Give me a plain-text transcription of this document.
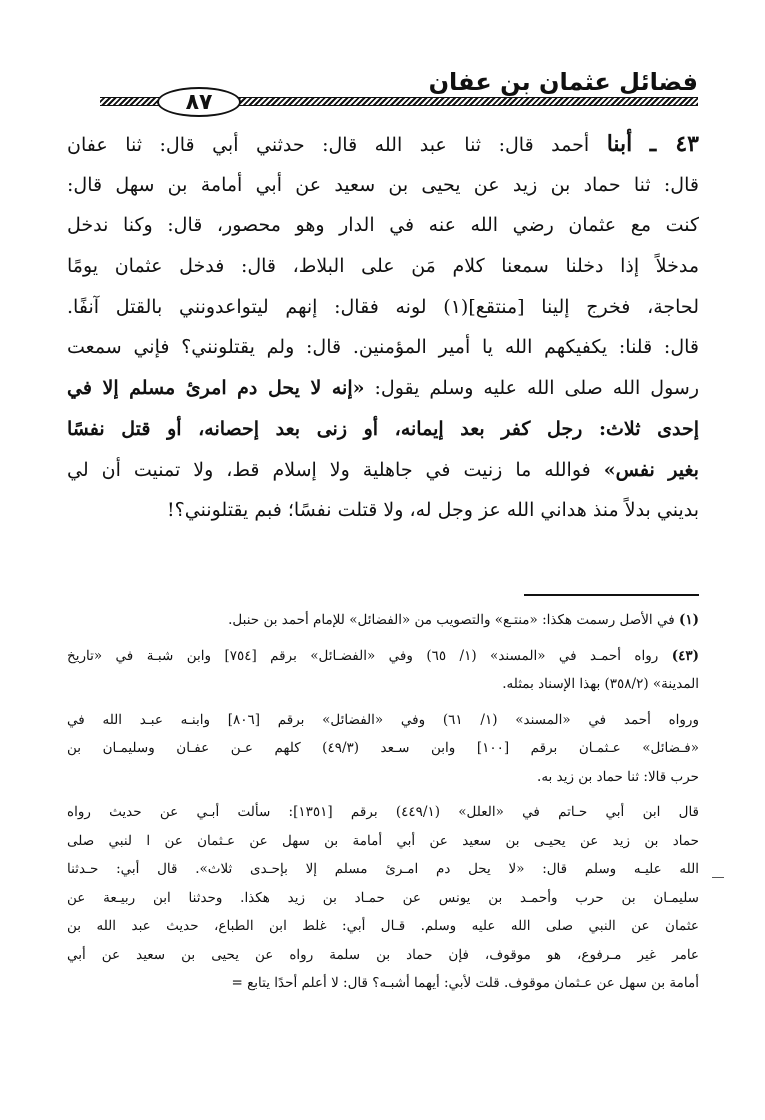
فضائل عثمان بن عفان
٨٧
٤٣ ـ أبنا أحمد قال: ثنا عبد الله قال: حدثني أبي قال: ثنا عفان
قال: ثنا حماد بن زيد عن يحيى بن سعيد عن أبي أمامة بن سهل قال:
كنت مع عثمان رضي الله عنه في الدار وهو محصور، قال: وكنا ندخل
مدخلاً إذا دخلنا سمعنا كلام مَن على البلاط، قال: فدخل عثمان يومًا
لحاجة، فخرج إلينا [منتقع](١) لونه فقال: إنهم ليتواعدونني بالقتل آنفًا.
قال: قلنا: يكفيكهم الله يا أمير المؤمنين. قال: ولم يقتلونني؟ فإني سمعت
رسول الله صلى الله عليه وسلم يقول: «إنه لا يحل دم امرئ مسلم إلا في
إحدى ثلاث: رجل كفر بعد إيمانه، أو زنى بعد إحصانه، أو قتل نفسًا
بغير نفس» فوالله ما زنيت في جاهلية ولا إسلام قط، ولا تمنيت أن لي
بديني بدلاً منذ هداني الله عز وجل له، ولا قتلت نفسًا؛ فبم يقتلونني؟!
(١) في الأصل رسمت هكذا: «منتـع» والتصويب من «الفضائل» للإمام أحمد بن حنبل.
(٤٣) رواه أحمـد في «المسند» (١/ ٦٥) وفي «الفضـائل» برقم [٧٥٤] وابن شبـة في «تاريخ
المدينة» (٣٥٨/٢) بهذا الإسناد بمثله.
ورواه أحمد في «المسند» (١/ ٦١) وفي «الفضائل» برقم [٨٠٦] وابنـه عبـد الله في
«فـضائل» عـثمـان برقم [١٠٠] وابن سـعد (٤٩/٣) كلهم عـن عفـان وسليمـان بن
حرب قالا: ثنا حماد بن زيد به.
قال ابن أبي حـاتم في «العلل» (٤٤٩/١) برقم [١٣٥١]: سألت أبـي عن حديث رواه
حماد بن زيد عن يحيـى بن سعيد عن أبي أمامة بن سهل عن عـثمان عن ا لنبي صلى
الله عليـه وسلم قال: «لا يحل دم امـرئ مسلم إلا بإحـدى ثلاث». قال أبي: حـدثنا
سليمـان بن حرب وأحمـد بن يونس عن حمـاد بن زيد هكذا. وحدثنا ابن ربيـعة عن
عثمان عن النبي صلى الله عليه وسلم. قـال أبي: غلط ابن الطباع، حديث عبد الله بن
عامر غير مـرفوع، هو موقوف، فإن حماد بن سلمة رواه عن يحيى بن سعيد عن أبي
أمامة بن سهل عن عـثمان موقوف. قلت لأبي: أيهما أشبـه؟ قال: لا أعلم أحدًا يتابع =
